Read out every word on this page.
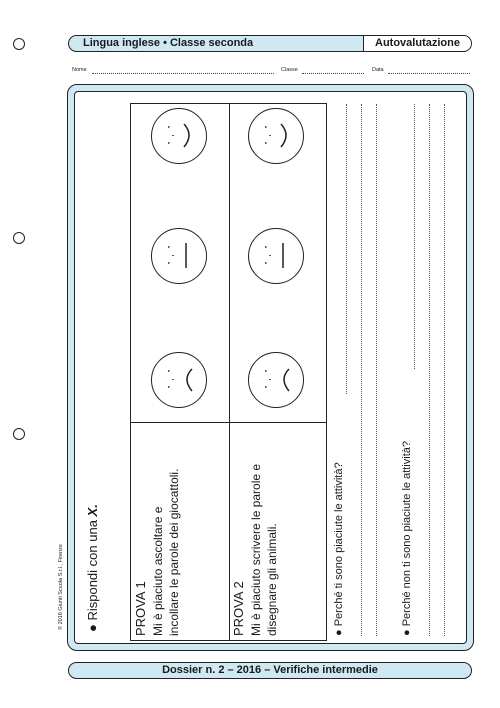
Lingua inglese • Classe seconda	Autovalutazione
Nome	Classe	Data
© 2016 Giunti Scuola S.r.l., Firenze ● Rispondi con una X.
PROVA 1 Mi è piaciuto ascoltare e incollare le parole dei giocattoli.	PROVA 2 Mi è piaciuto scrivere le parole e disegnare gli animali.	● Perché ti sono piaciute le attività?
● Perché non ti sono piaciute le attività?
Dossier n. 2 – 2016 – Verifiche intermedie
